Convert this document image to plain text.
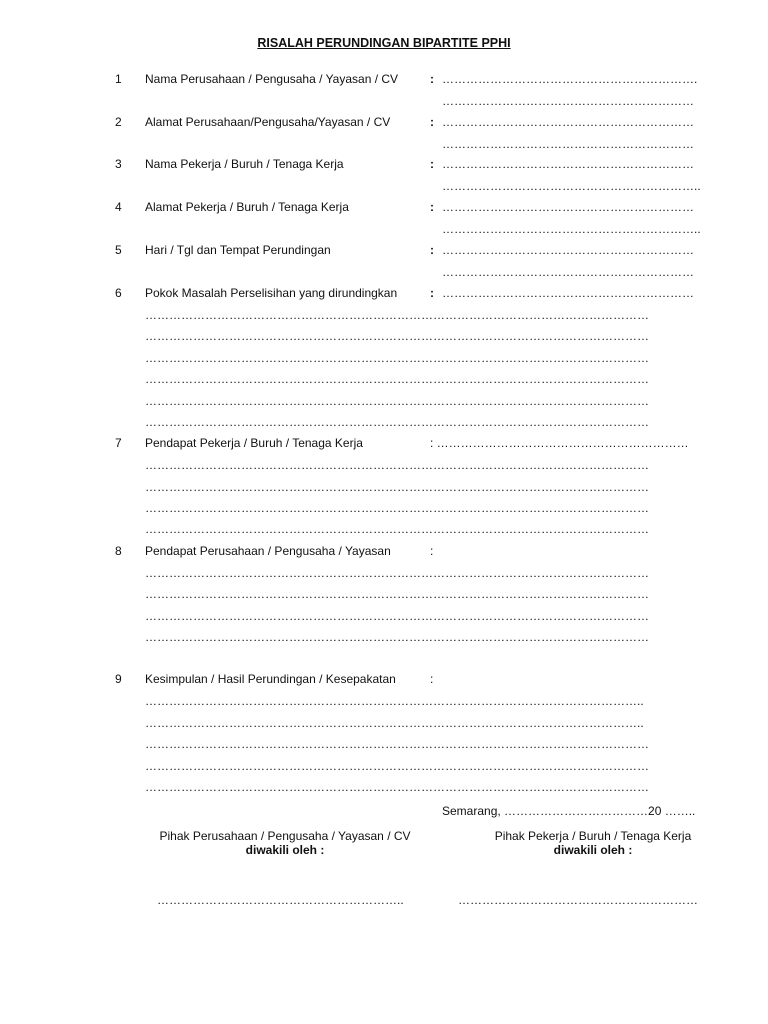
RISALAH PERUNDINGAN BIPARTITE PPHI
1 Nama Perusahaan / Pengusaha / Yayasan / CV	: ……………………………………………………….
………………………………………………………
2 Alamat Perusahaan/Pengusaha/Yayasan / CV	: ………………………………………………………
………………………………………………………
3 Nama Pekerja / Buruh / Tenaga Kerja	: ………………………………………………………
………………………………………………………..
4 Alamat Pekerja / Buruh / Tenaga Kerja	: ………………………………………………………
………………………………………………………..
5 Hari / Tgl dan Tempat Perundingan	: ………………………………………………………
………………………………………………………
6 Pokok Masalah Perselisihan yang dirundingkan	: ………………………………………………………
………………………………………………………………………………………………………………
………………………………………………………………………………………………………………
………………………………………………………………………………………………………………
………………………………………………………………………………………………………………
………………………………………………………………………………………………………………
………………………………………………………………………………………………………………
7 Pendapat Pekerja / Buruh / Tenaga Kerja	: ………………………………………………………
………………………………………………………………………………………………………………
………………………………………………………………………………………………………………
………………………………………………………………………………………………………………
………………………………………………………………………………………………………………
8 Pendapat Perusahaan / Pengusaha / Yayasan	:
………………………………………………………………………………………………………………
………………………………………………………………………………………………………………
………………………………………………………………………………………………………………
………………………………………………………………………………………………………………
9 Kesimpulan / Hasil Perundingan / Kesepakatan	:
……………………………………………………………………………………………………………..
……………………………………………………………………………………………………………..
………………………………………………………………………………………………………………
………………………………………………………………………………………………………………
………………………………………………………………………………………………………………
Semarang, ………………………………20 ……..
Pihak Perusahaan / Pengusaha / Yayasan / CV
diwakili oleh :
Pihak Pekerja / Buruh / Tenaga Kerja
diwakili oleh :
……………………………………………………..	……………………………………………………
